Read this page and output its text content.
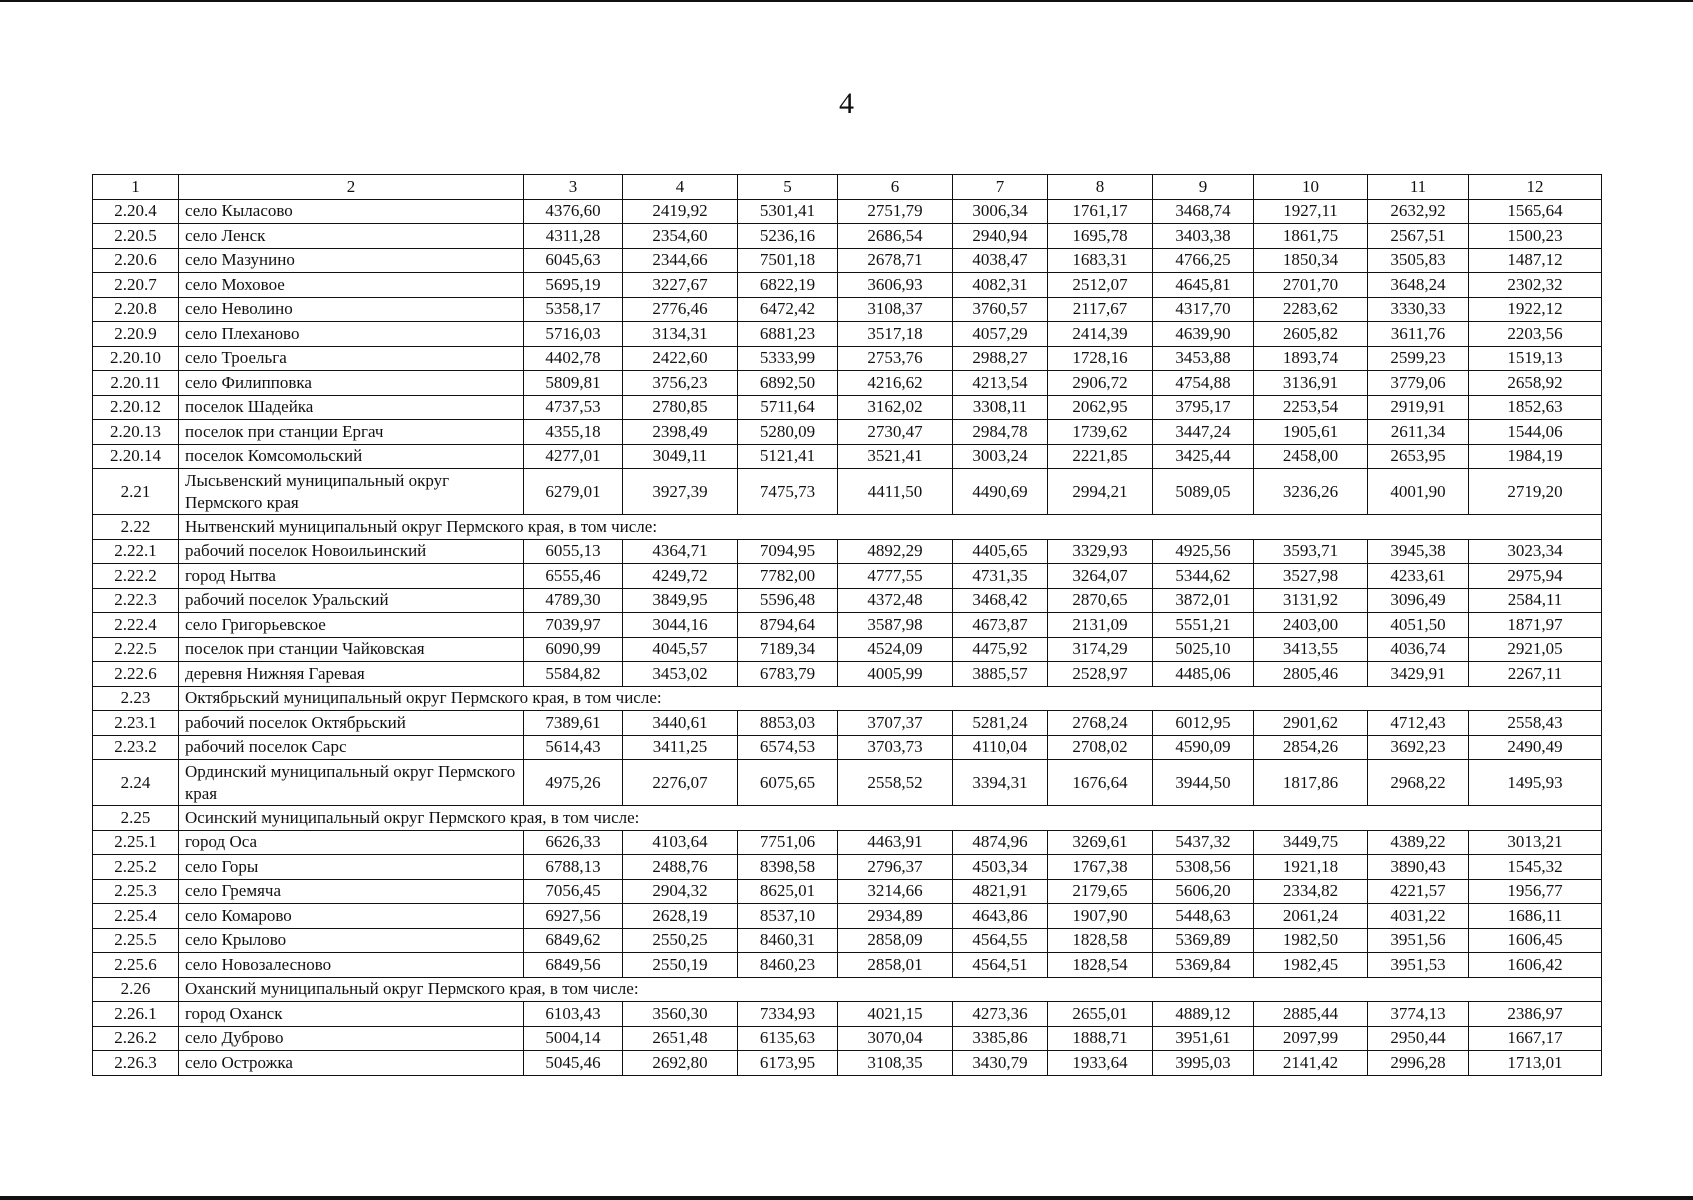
4
1	2	3	4	5	6	7	8	9	10	11	12
2.20.4	село Кыласово	4376,60	2419,92	5301,41	2751,79	3006,34	1761,17	3468,74	1927,11	2632,92	1565,64
2.20.5	село Ленск	4311,28	2354,60	5236,16	2686,54	2940,94	1695,78	3403,38	1861,75	2567,51	1500,23
2.20.6	село Мазунино	6045,63	2344,66	7501,18	2678,71	4038,47	1683,31	4766,25	1850,34	3505,83	1487,12
2.20.7	село Моховое	5695,19	3227,67	6822,19	3606,93	4082,31	2512,07	4645,81	2701,70	3648,24	2302,32
2.20.8	село Неволино	5358,17	2776,46	6472,42	3108,37	3760,57	2117,67	4317,70	2283,62	3330,33	1922,12
2.20.9	село Плеханово	5716,03	3134,31	6881,23	3517,18	4057,29	2414,39	4639,90	2605,82	3611,76	2203,56
2.20.10	село Троельга	4402,78	2422,60	5333,99	2753,76	2988,27	1728,16	3453,88	1893,74	2599,23	1519,13
2.20.11	село Филипповка	5809,81	3756,23	6892,50	4216,62	4213,54	2906,72	4754,88	3136,91	3779,06	2658,92
2.20.12	поселок Шадейка	4737,53	2780,85	5711,64	3162,02	3308,11	2062,95	3795,17	2253,54	2919,91	1852,63
2.20.13	поселок при станции Ергач	4355,18	2398,49	5280,09	2730,47	2984,78	1739,62	3447,24	1905,61	2611,34	1544,06
2.20.14	поселок Комсомольский	4277,01	3049,11	5121,41	3521,41	3003,24	2221,85	3425,44	2458,00	2653,95	1984,19
2.21	Лысьвенский муниципальный округ Пермского края	6279,01	3927,39	7475,73	4411,50	4490,69	2994,21	5089,05	3236,26	4001,90	2719,20
2.22	Нытвенский муниципальный округ Пермского края, в том числе:										
2.22.1	рабочий поселок Новоильинский	6055,13	4364,71	7094,95	4892,29	4405,65	3329,93	4925,56	3593,71	3945,38	3023,34
2.22.2	город Нытва	6555,46	4249,72	7782,00	4777,55	4731,35	3264,07	5344,62	3527,98	4233,61	2975,94
2.22.3	рабочий поселок Уральский	4789,30	3849,95	5596,48	4372,48	3468,42	2870,65	3872,01	3131,92	3096,49	2584,11
2.22.4	село Григорьевское	7039,97	3044,16	8794,64	3587,98	4673,87	2131,09	5551,21	2403,00	4051,50	1871,97
2.22.5	поселок при станции Чайковская	6090,99	4045,57	7189,34	4524,09	4475,92	3174,29	5025,10	3413,55	4036,74	2921,05
2.22.6	деревня Нижняя Гаревая	5584,82	3453,02	6783,79	4005,99	3885,57	2528,97	4485,06	2805,46	3429,91	2267,11
2.23	Октябрьский муниципальный округ Пермского края, в том числе:										
2.23.1	рабочий поселок Октябрьский	7389,61	3440,61	8853,03	3707,37	5281,24	2768,24	6012,95	2901,62	4712,43	2558,43
2.23.2	рабочий поселок Сарс	5614,43	3411,25	6574,53	3703,73	4110,04	2708,02	4590,09	2854,26	3692,23	2490,49
2.24	Ординский муниципальный округ Пермского края	4975,26	2276,07	6075,65	2558,52	3394,31	1676,64	3944,50	1817,86	2968,22	1495,93
2.25	Осинский муниципальный округ Пермского края, в том числе:										
2.25.1	город Оса	6626,33	4103,64	7751,06	4463,91	4874,96	3269,61	5437,32	3449,75	4389,22	3013,21
2.25.2	село Горы	6788,13	2488,76	8398,58	2796,37	4503,34	1767,38	5308,56	1921,18	3890,43	1545,32
2.25.3	село Гремяча	7056,45	2904,32	8625,01	3214,66	4821,91	2179,65	5606,20	2334,82	4221,57	1956,77
2.25.4	село Комарово	6927,56	2628,19	8537,10	2934,89	4643,86	1907,90	5448,63	2061,24	4031,22	1686,11
2.25.5	село Крылово	6849,62	2550,25	8460,31	2858,09	4564,55	1828,58	5369,89	1982,50	3951,56	1606,45
2.25.6	село Новозалесново	6849,56	2550,19	8460,23	2858,01	4564,51	1828,54	5369,84	1982,45	3951,53	1606,42
2.26	Оханский муниципальный округ Пермского края, в том числе:										
2.26.1	город Оханск	6103,43	3560,30	7334,93	4021,15	4273,36	2655,01	4889,12	2885,44	3774,13	2386,97
2.26.2	село Дуброво	5004,14	2651,48	6135,63	3070,04	3385,86	1888,71	3951,61	2097,99	2950,44	1667,17
2.26.3	село Острожка	5045,46	2692,80	6173,95	3108,35	3430,79	1933,64	3995,03	2141,42	2996,28	1713,01
